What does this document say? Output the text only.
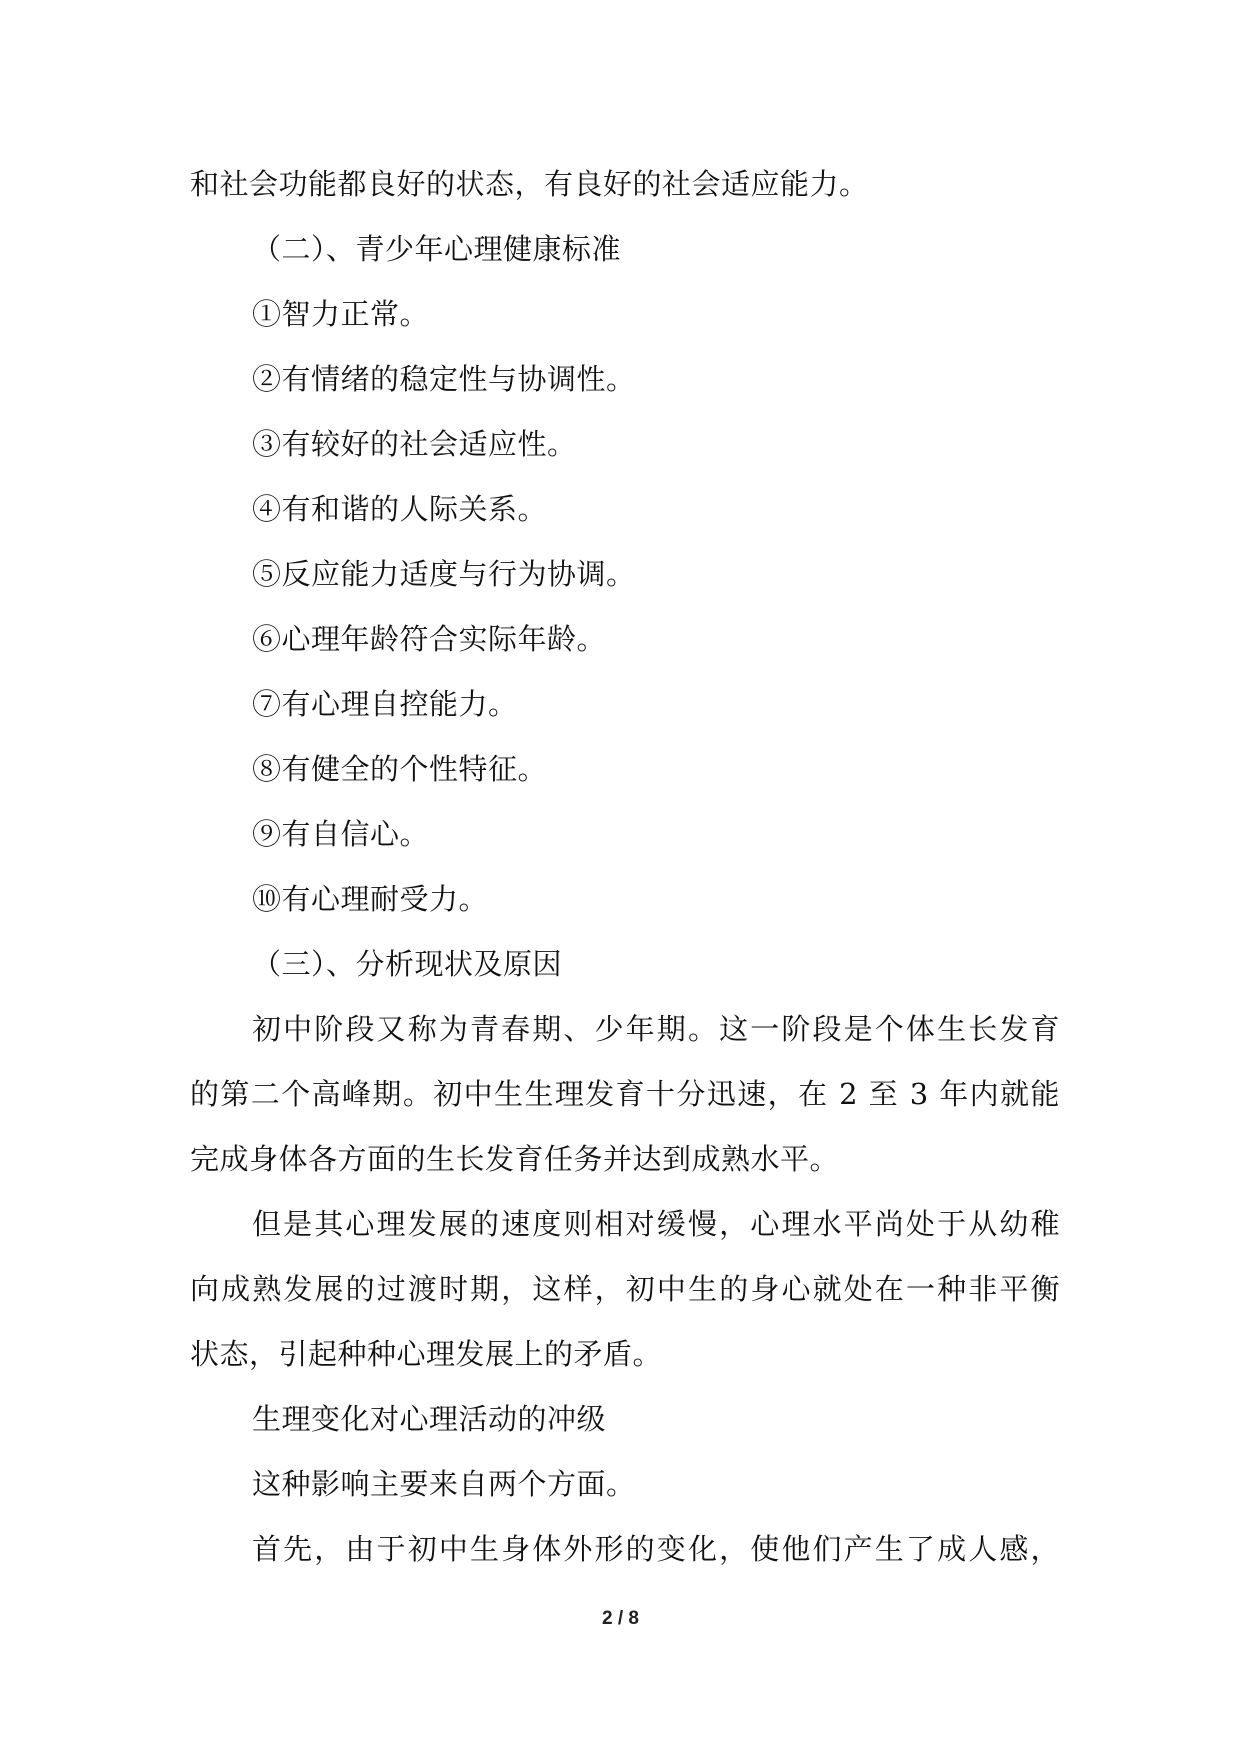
和社会功能都良好的状态，有良好的社会适应能力。
（二）、青少年心理健康标准
①智力正常。
②有情绪的稳定性与协调性。
③有较好的社会适应性。
④有和谐的人际关系。
⑤反应能力适度与行为协调。
⑥心理年龄符合实际年龄。
⑦有心理自控能力。
⑧有健全的个性特征。
⑨有自信心。
⑩有心理耐受力。
（三）、分析现状及原因
初中阶段又称为青春期、少年期。这一阶段是个体生长发育
的第二个高峰期。初中生生理发育十分迅速，在 2 至 3 年内就能
完成身体各方面的生长发育任务并达到成熟水平。
但是其心理发展的速度则相对缓慢，心理水平尚处于从幼稚
向成熟发展的过渡时期，这样，初中生的身心就处在一种非平衡
状态，引起种种心理发展上的矛盾。
生理变化对心理活动的冲级
这种影响主要来自两个方面。
首先，由于初中生身体外形的变化，使他们产生了成人感，
2 / 8
